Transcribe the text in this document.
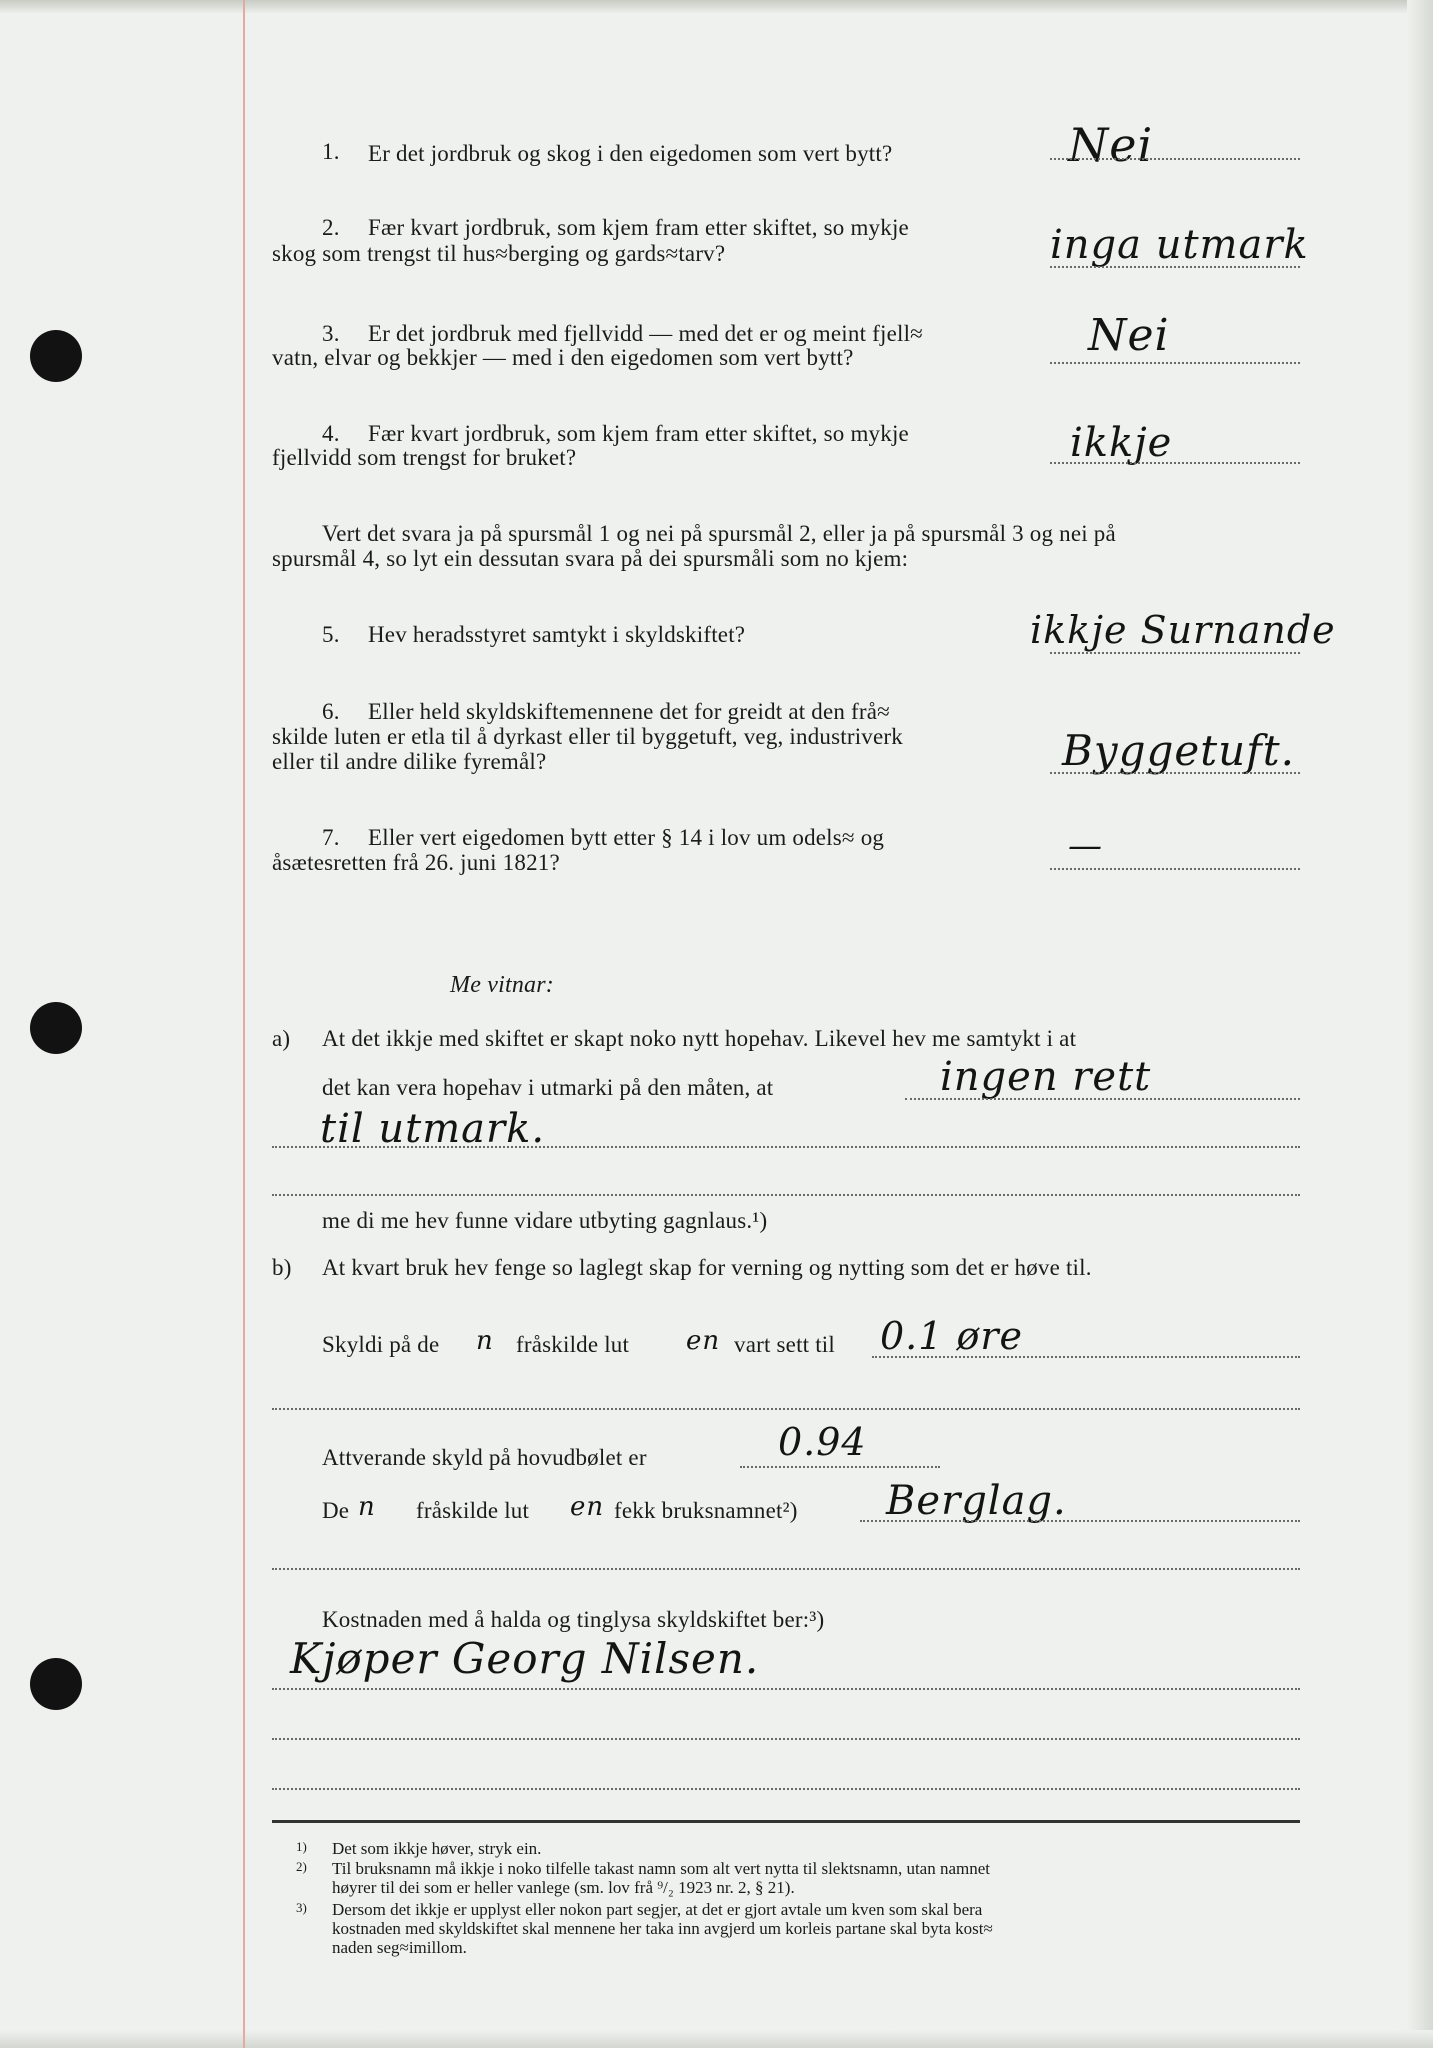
1. Er det jordbruk og skog i den eigedomen som vert bytt?	Nei
2. Fær kvart jordbruk, som kjem fram etter skiftet, so mykje
skog som trengst til hus≈berging og gards≈tarv?	inga utmark
3. Er det jordbruk med fjellvidd — med det er og meint fjell≈
vatn, elvar og bekkjer — med i den eigedomen som vert bytt?	Nei
4. Fær kvart jordbruk, som kjem fram etter skiftet, so mykje
fjellvidd som trengst for bruket?	ikkje
Vert det svara ja på spursmål 1 og nei på spursmål 2, eller ja på spursmål 3 og nei på
spursmål 4, so lyt ein dessutan svara på dei spursmåli som no kjem:
5. Hev heradsstyret samtykt i skyldskiftet?	ikkje Surnande
6. Eller held skyldskiftemennene det for greidt at den frå≈
skilde luten er etla til å dyrkast eller til byggetuft, veg, industriverk
eller til andre dilike fyremål?	Byggetuft.
7. Eller vert eigedomen bytt etter § 14 i lov um odels≈ og
åsætesretten frå 26. juni 1821?	—
Me vitnar:
a) At det ikkje med skiftet er skapt noko nytt hopehav. Likevel hev me samtykt i at
det kan vera hopehav i utmarki på den måten, at	ingen rett
til utmark.
me di me hev funne vidare utbyting gagnlaus.¹)
b) At kvart bruk hev fenge so laglegt skap for verning og nytting som det er høve til.
Skyldi på de n fråskilde lut en vart sett til 0.1 øre
Attverande skyld på hovudbølet er	0.94
De n fråskilde lut en fekk bruksnamnet²) Berglag.
Kostnaden med å halda og tinglysa skyldskiftet ber:³)
Kjøper Georg Nilsen.
1) Det som ikkje høver, stryk ein.
2) Til bruksnamn må ikkje i noko tilfelle takast namn som alt vert nytta til slektsnamn, utan namnet
høyrer til dei som er heller vanlege (sm. lov frå ⁹/₂ 1923 nr. 2, § 21).
3) Dersom det ikkje er upplyst eller nokon part segjer, at det er gjort avtale um kven som skal bera
kostnaden med skyldskiftet skal mennene her taka inn avgjerd um korleis partane skal byta kost≈
naden seg≈imillom.
